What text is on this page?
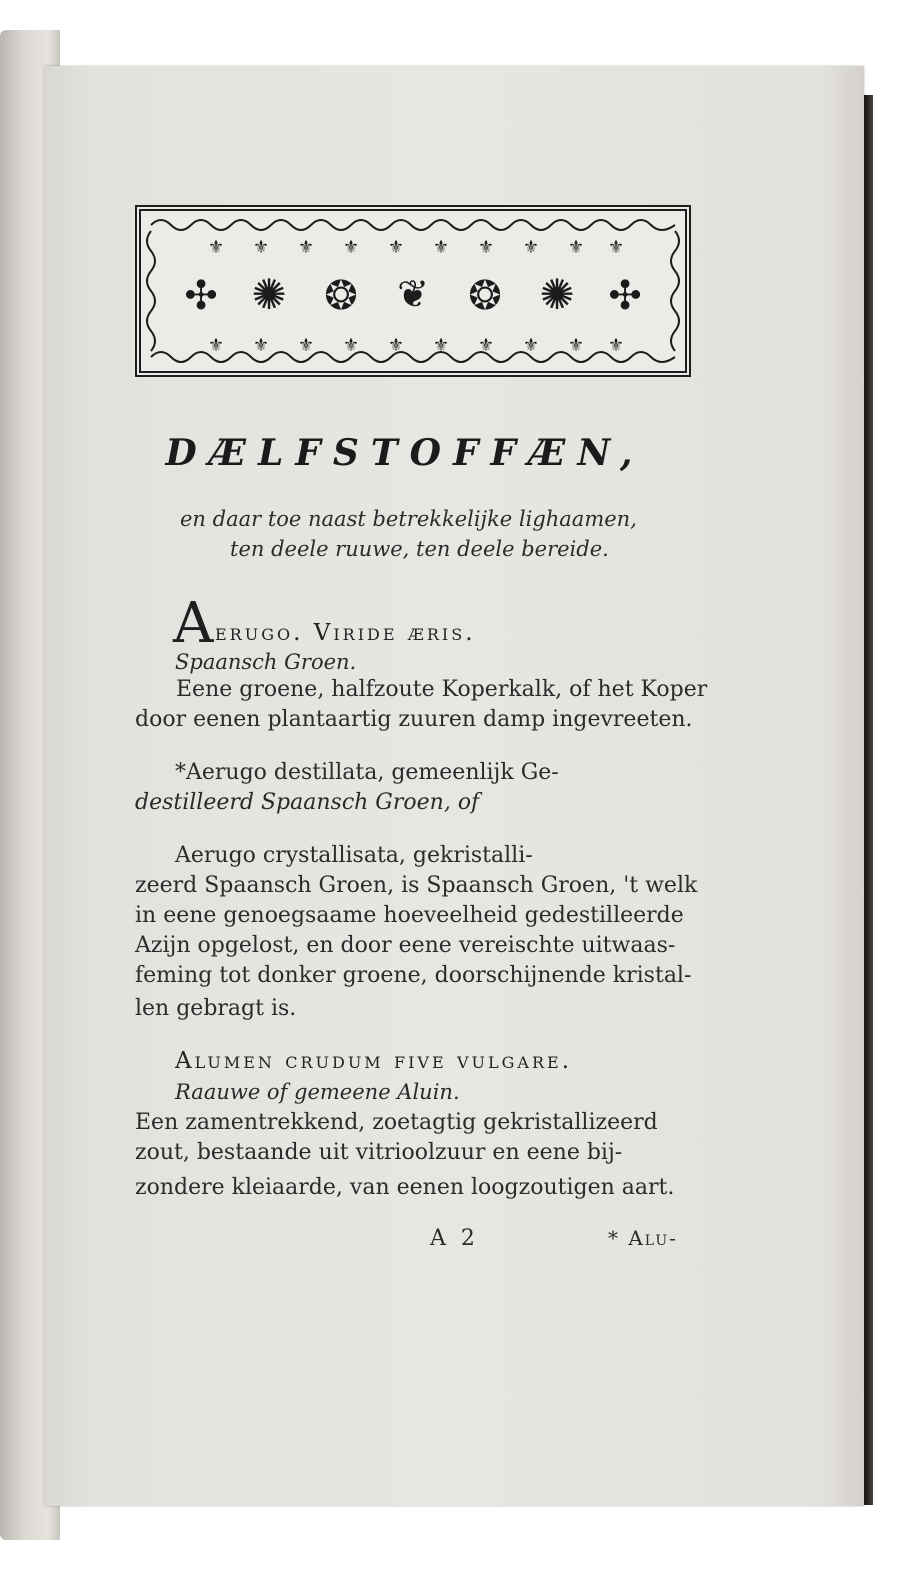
⚜ ⚜ ⚜ ⚜ ⚜ ⚜ ⚜ ⚜ ⚜ ⚜
⚜ ⚜ ⚜ ⚜ ⚜ ⚜ ⚜ ⚜ ⚜ ⚜
✣ ✺ ❂ ❦ ❂ ✺ ✣
DÆLFSTOFFÆN,
en daar toe naast betrekkelijke lighaamen,
ten deele ruuwe, ten deele bereide.
A erugo. Viride æris.
Spaansch Groen.
Eene groene, halfzoute Koperkalk, of het Koper
door eenen plantaartig zuuren damp ingevreeten.
*Aerugo destillata, gemeenlijk Ge-
destilleerd Spaansch Groen, of
Aerugo crystallisata, gekristalli-
zeerd Spaansch Groen, is Spaansch Groen, 't welk
in eene genoegsaame hoeveelheid gedestilleerde
Azijn opgelost, en door eene vereischte uitwaas-
feming tot donker groene, doorschijnende kristal-
len gebragt is.
Alumen crudum five vulgare.
Raauwe of gemeene Aluin.
Een zamentrekkend, zoetagtig gekristallizeerd
zout, bestaande uit vitrioolzuur en eene bij-
zondere kleiaarde, van eenen loogzoutigen aart.
A 2	* Alu-
